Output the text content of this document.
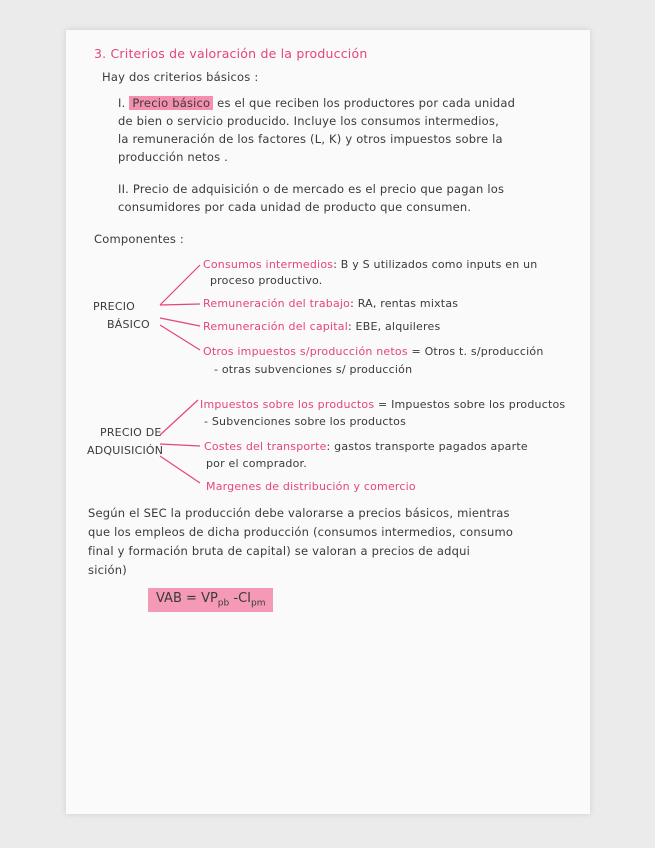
3. Criterios de valoración de la producción
Hay dos criterios básicos :
I. Precio básico es el que reciben los productores por cada unidad
de bien o servicio producido. Incluye los consumos intermedios,
la remuneración de los factores (L, K) y otros impuestos sobre la
producción netos .
II. Precio de adquisición o de mercado es el precio que pagan los
consumidores por cada unidad de producto que consumen.
Componentes :
PRECIO
BÁSICO
Consumos intermedios: B y S utilizados como inputs en un
proceso productivo.
Remuneración del trabajo: RA, rentas mixtas
Remuneración del capital: EBE, alquileres
Otros impuestos s/producción netos = Otros t. s/producción
- otras subvenciones s/ producción
PRECIO DE
ADQUISICIÓN
Impuestos sobre los productos = Impuestos sobre los productos
- Subvenciones sobre los productos
Costes del transporte: gastos transporte pagados aparte
por el comprador.
Margenes de distribución y comercio
Según el SEC la producción debe valorarse a precios básicos, mientras
que los empleos de dicha producción (consumos intermedios, consumo
final y formación bruta de capital) se valoran a precios de adqui
sición)
VAB = $VP_{pb}$ $-CI_{pm}$
